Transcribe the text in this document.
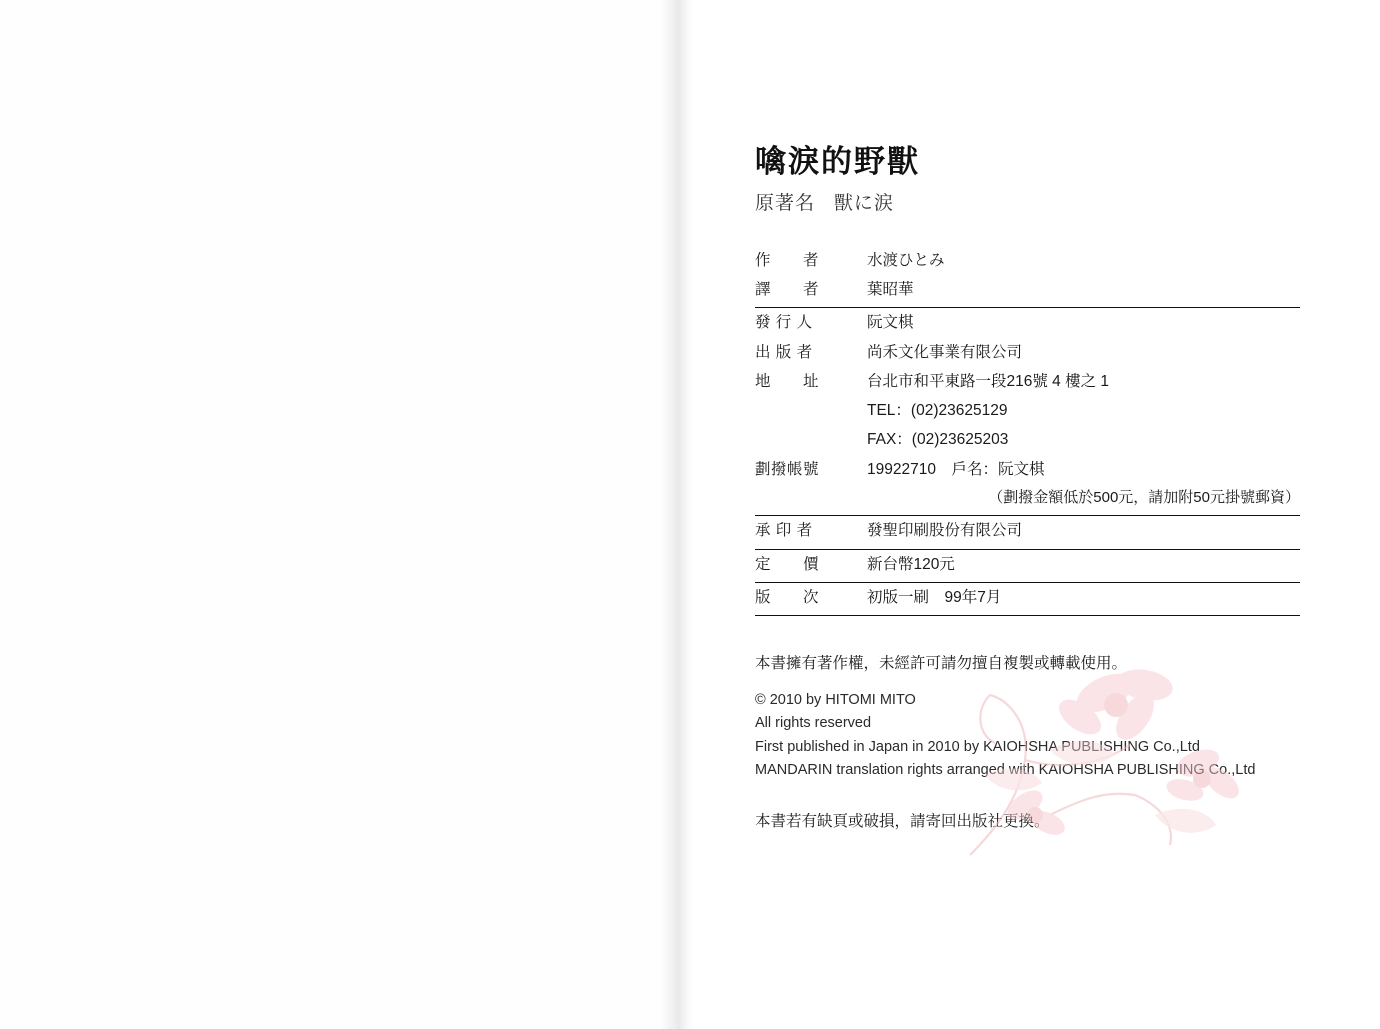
噙淚的野獸
原著名 獸に涙
作　　者	水渡ひとみ
譯　　者	葉昭華
發 行 人	阮文棋
出 版 者	尚禾文化事業有限公司
地　　址	台北市和平東路一段216號 4 樓之 1
	TEL：(02)23625129
	FAX：(02)23625203
劃撥帳號	19922710　戶名：阮文棋
	（劃撥金額低於500元，請加附50元掛號郵資）
承 印 者	發聖印刷股份有限公司
定　　價	新台幣120元
版　　次	初版一刷　99年7月
本書擁有著作權，未經許可請勿擅自複製或轉載使用。
© 2010 by HITOMI MITO
All rights reserved
First published in Japan in 2010 by KAIOHSHA PUBLISHING Co.,Ltd
MANDARIN translation rights arranged with KAIOHSHA PUBLISHING Co.,Ltd
本書若有缺頁或破損，請寄回出版社更換。
